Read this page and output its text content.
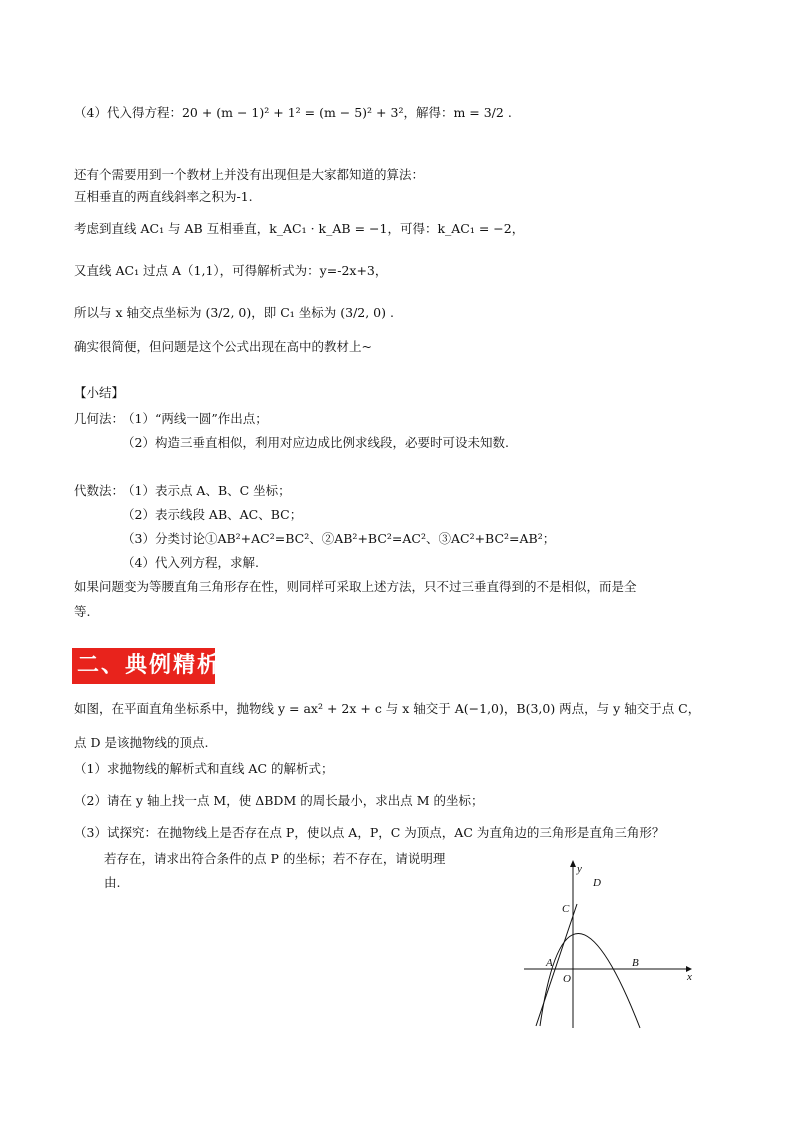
（4）代入得方程：20 + (m − 1)² + 1² = (m − 5)² + 3²，解得：m = 3/2 .
还有个需要用到一个教材上并没有出现但是大家都知道的算法：
互相垂直的两直线斜率之积为-1.
考虑到直线 AC₁ 与 AB 互相垂直，k_AC₁ · k_AB = −1，可得：k_AC₁ = −2，
又直线 AC₁ 过点 A（1,1），可得解析式为：y=-2x+3，
所以与 x 轴交点坐标为 (3/2, 0)，即 C₁ 坐标为 (3/2, 0) .
确实很简便，但问题是这个公式出现在高中的教材上~
【小结】
几何法：
（1）“两线一圆”作出点；
（2）构造三垂直相似，利用对应边成比例求线段，必要时可设未知数.
代数法：
（1）表示点 A、B、C 坐标；
（2）表示线段 AB、AC、BC；
（3）分类讨论①AB²+AC²=BC²、②AB²+BC²=AC²、③AC²+BC²=AB²；
（4）代入列方程，求解.
如果问题变为等腰直角三角形存在性，则同样可采取上述方法，只不过三垂直得到的不是相似，而是全
等.
二、典例精析
如图，在平面直角坐标系中，抛物线 y = ax² + 2x + c 与 x 轴交于 A(−1,0)，B(3,0) 两点，与 y 轴交于点 C，
点 D 是该抛物线的顶点.
（1）求抛物线的解析式和直线 AC 的解析式；
（2）请在 y 轴上找一点 M，使 ΔBDM 的周长最小，求出点 M 的坐标；
（3）试探究：在抛物线上是否存在点 P，使以点 A，P，C 为顶点，AC 为直角边的三角形是直角三角形？
若存在，请求出符合条件的点 P 的坐标；若不存在，请说明理
由.
y
x
O
A	B
C
D
